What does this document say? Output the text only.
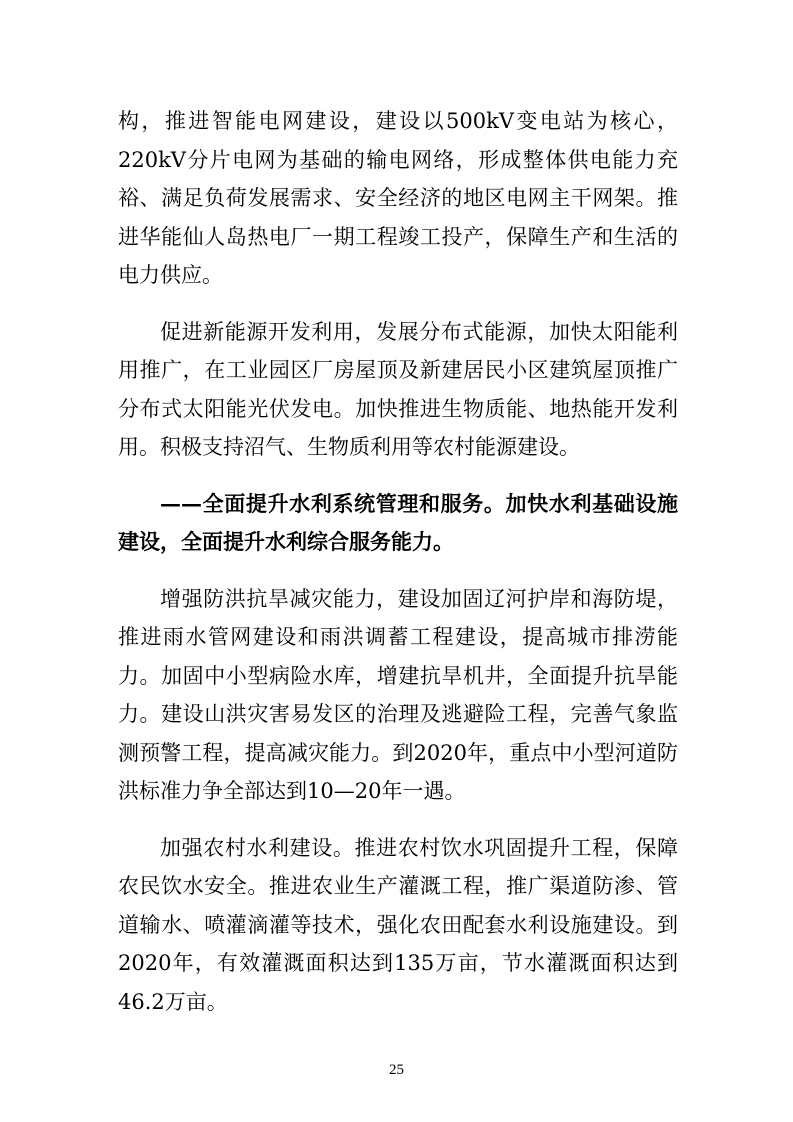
构，推进智能电网建设，建设以500kV变电站为核心，220kV分片电网为基础的输电网络，形成整体供电能力充裕、满足负荷发展需求、安全经济的地区电网主干网架。推进华能仙人岛热电厂一期工程竣工投产，保障生产和生活的电力供应。

促进新能源开发利用，发展分布式能源，加快太阳能利用推广，在工业园区厂房屋顶及新建居民小区建筑屋顶推广分布式太阳能光伏发电。加快推进生物质能、地热能开发利用。积极支持沼气、生物质利用等农村能源建设。

——全面提升水利系统管理和服务。加快水利基础设施建设，全面提升水利综合服务能力。

增强防洪抗旱减灾能力，建设加固辽河护岸和海防堤，推进雨水管网建设和雨洪调蓄工程建设，提高城市排涝能力。加固中小型病险水库，增建抗旱机井，全面提升抗旱能力。建设山洪灾害易发区的治理及逃避险工程，完善气象监测预警工程，提高减灾能力。到2020年，重点中小型河道防洪标准力争全部达到10—20年一遇。

加强农村水利建设。推进农村饮水巩固提升工程，保障农民饮水安全。推进农业生产灌溉工程，推广渠道防渗、管道输水、喷灌滴灌等技术，强化农田配套水利设施建设。到2020年，有效灌溉面积达到135万亩，节水灌溉面积达到46.2万亩。

25
